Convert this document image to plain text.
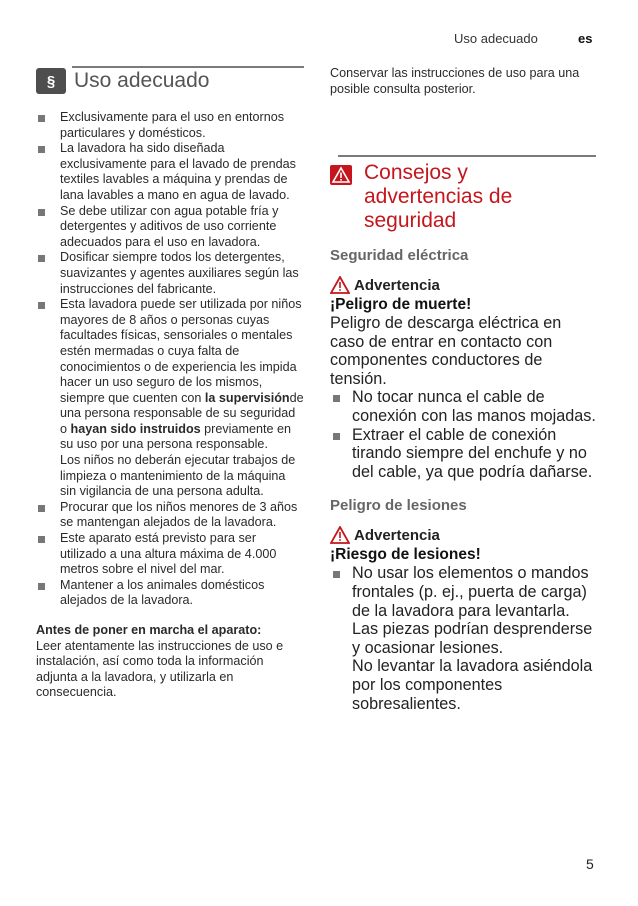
Uso adecuado	es
§ Uso adecuado
Exclusivamente para el uso en entornos particulares y domésticos.
La lavadora ha sido diseñada exclusivamente para el lavado de prendas textiles lavables a máquina y prendas de lana lavables a mano en agua de lavado.
Se debe utilizar con agua potable fría y detergentes y aditivos de uso corriente adecuados para el uso en lavadora.
Dosificar siempre todos los detergentes, suavizantes y agentes auxiliares según las instrucciones del fabricante.
Esta lavadora puede ser utilizada por niños mayores de 8 años o personas cuyas facultades físicas, sensoriales o mentales estén mermadas o cuya falta de conocimientos o de experiencia les impida hacer un uso seguro de los mismos, siempre que cuenten con la supervisiónde una persona responsable de su seguridad o hayan sido instruidos previamente en su uso por una persona responsable.
Los niños no deberán ejecutar trabajos de limpieza o mantenimiento de la máquina sin vigilancia de una persona adulta.
Procurar que los niños menores de 3 años se mantengan alejados de la lavadora.
Este aparato está previsto para ser utilizado a una altura máxima de 4.000 metros sobre el nivel del mar.
Mantener a los animales domésticos alejados de la lavadora.
Antes de poner en marcha el aparato:
Leer atentamente las instrucciones de uso e instalación, así como toda la información adjunta a la lavadora, y utilizarla en consecuencia.

Conservar las instrucciones de uso para una posible consulta posterior.

Consejos y
advertencias de
seguridad
Seguridad eléctrica
Advertencia
¡Peligro de muerte!

Peligro de descarga eléctrica en caso de entrar en contacto con componentes conductores de tensión.

No tocar nunca el cable de conexión con las manos mojadas.
Extraer el cable de conexión tirando siempre del enchufe y no del cable, ya que podría dañarse.
Peligro de lesiones
Advertencia
¡Riesgo de lesiones!
No usar los elementos o mandos frontales (p. ej., puerta de carga) de la lavadora para levantarla. Las piezas podrían desprenderse y ocasionar lesiones.
No levantar la lavadora asiéndola por los componentes sobresalientes.
5
